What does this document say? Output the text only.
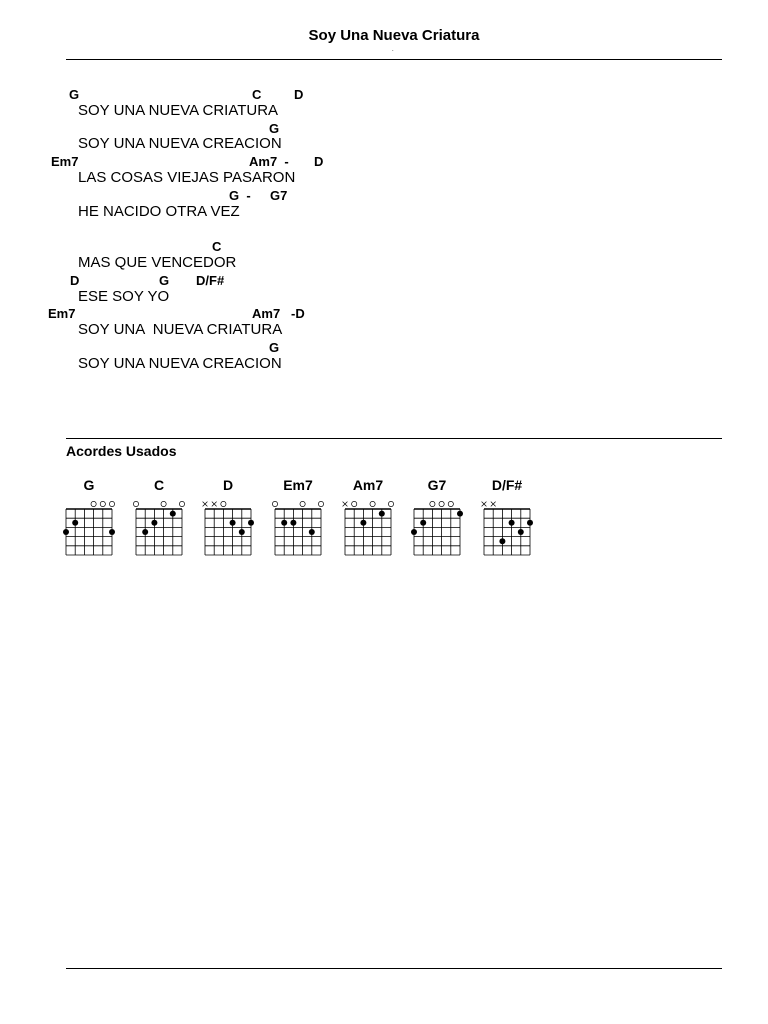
Soy Una Nueva Criatura
.
G	C	D
SOY UNA NUEVA CRIATURA
G
SOY UNA NUEVA CREACION
Em7	Am7  - D
LAS COSAS VIEJAS PASARON
G  - G7
HE NACIDO OTRA VEZ
C
MAS QUE VENCEDOR
D	G D/F#
ESE SOY YO
Em7	Am7   -D
SOY UNA  NUEVA CRIATURA
G
SOY UNA NUEVA CREACION
Acordes Usados
G	C	D	Em7	Am7	G7	D/F#
